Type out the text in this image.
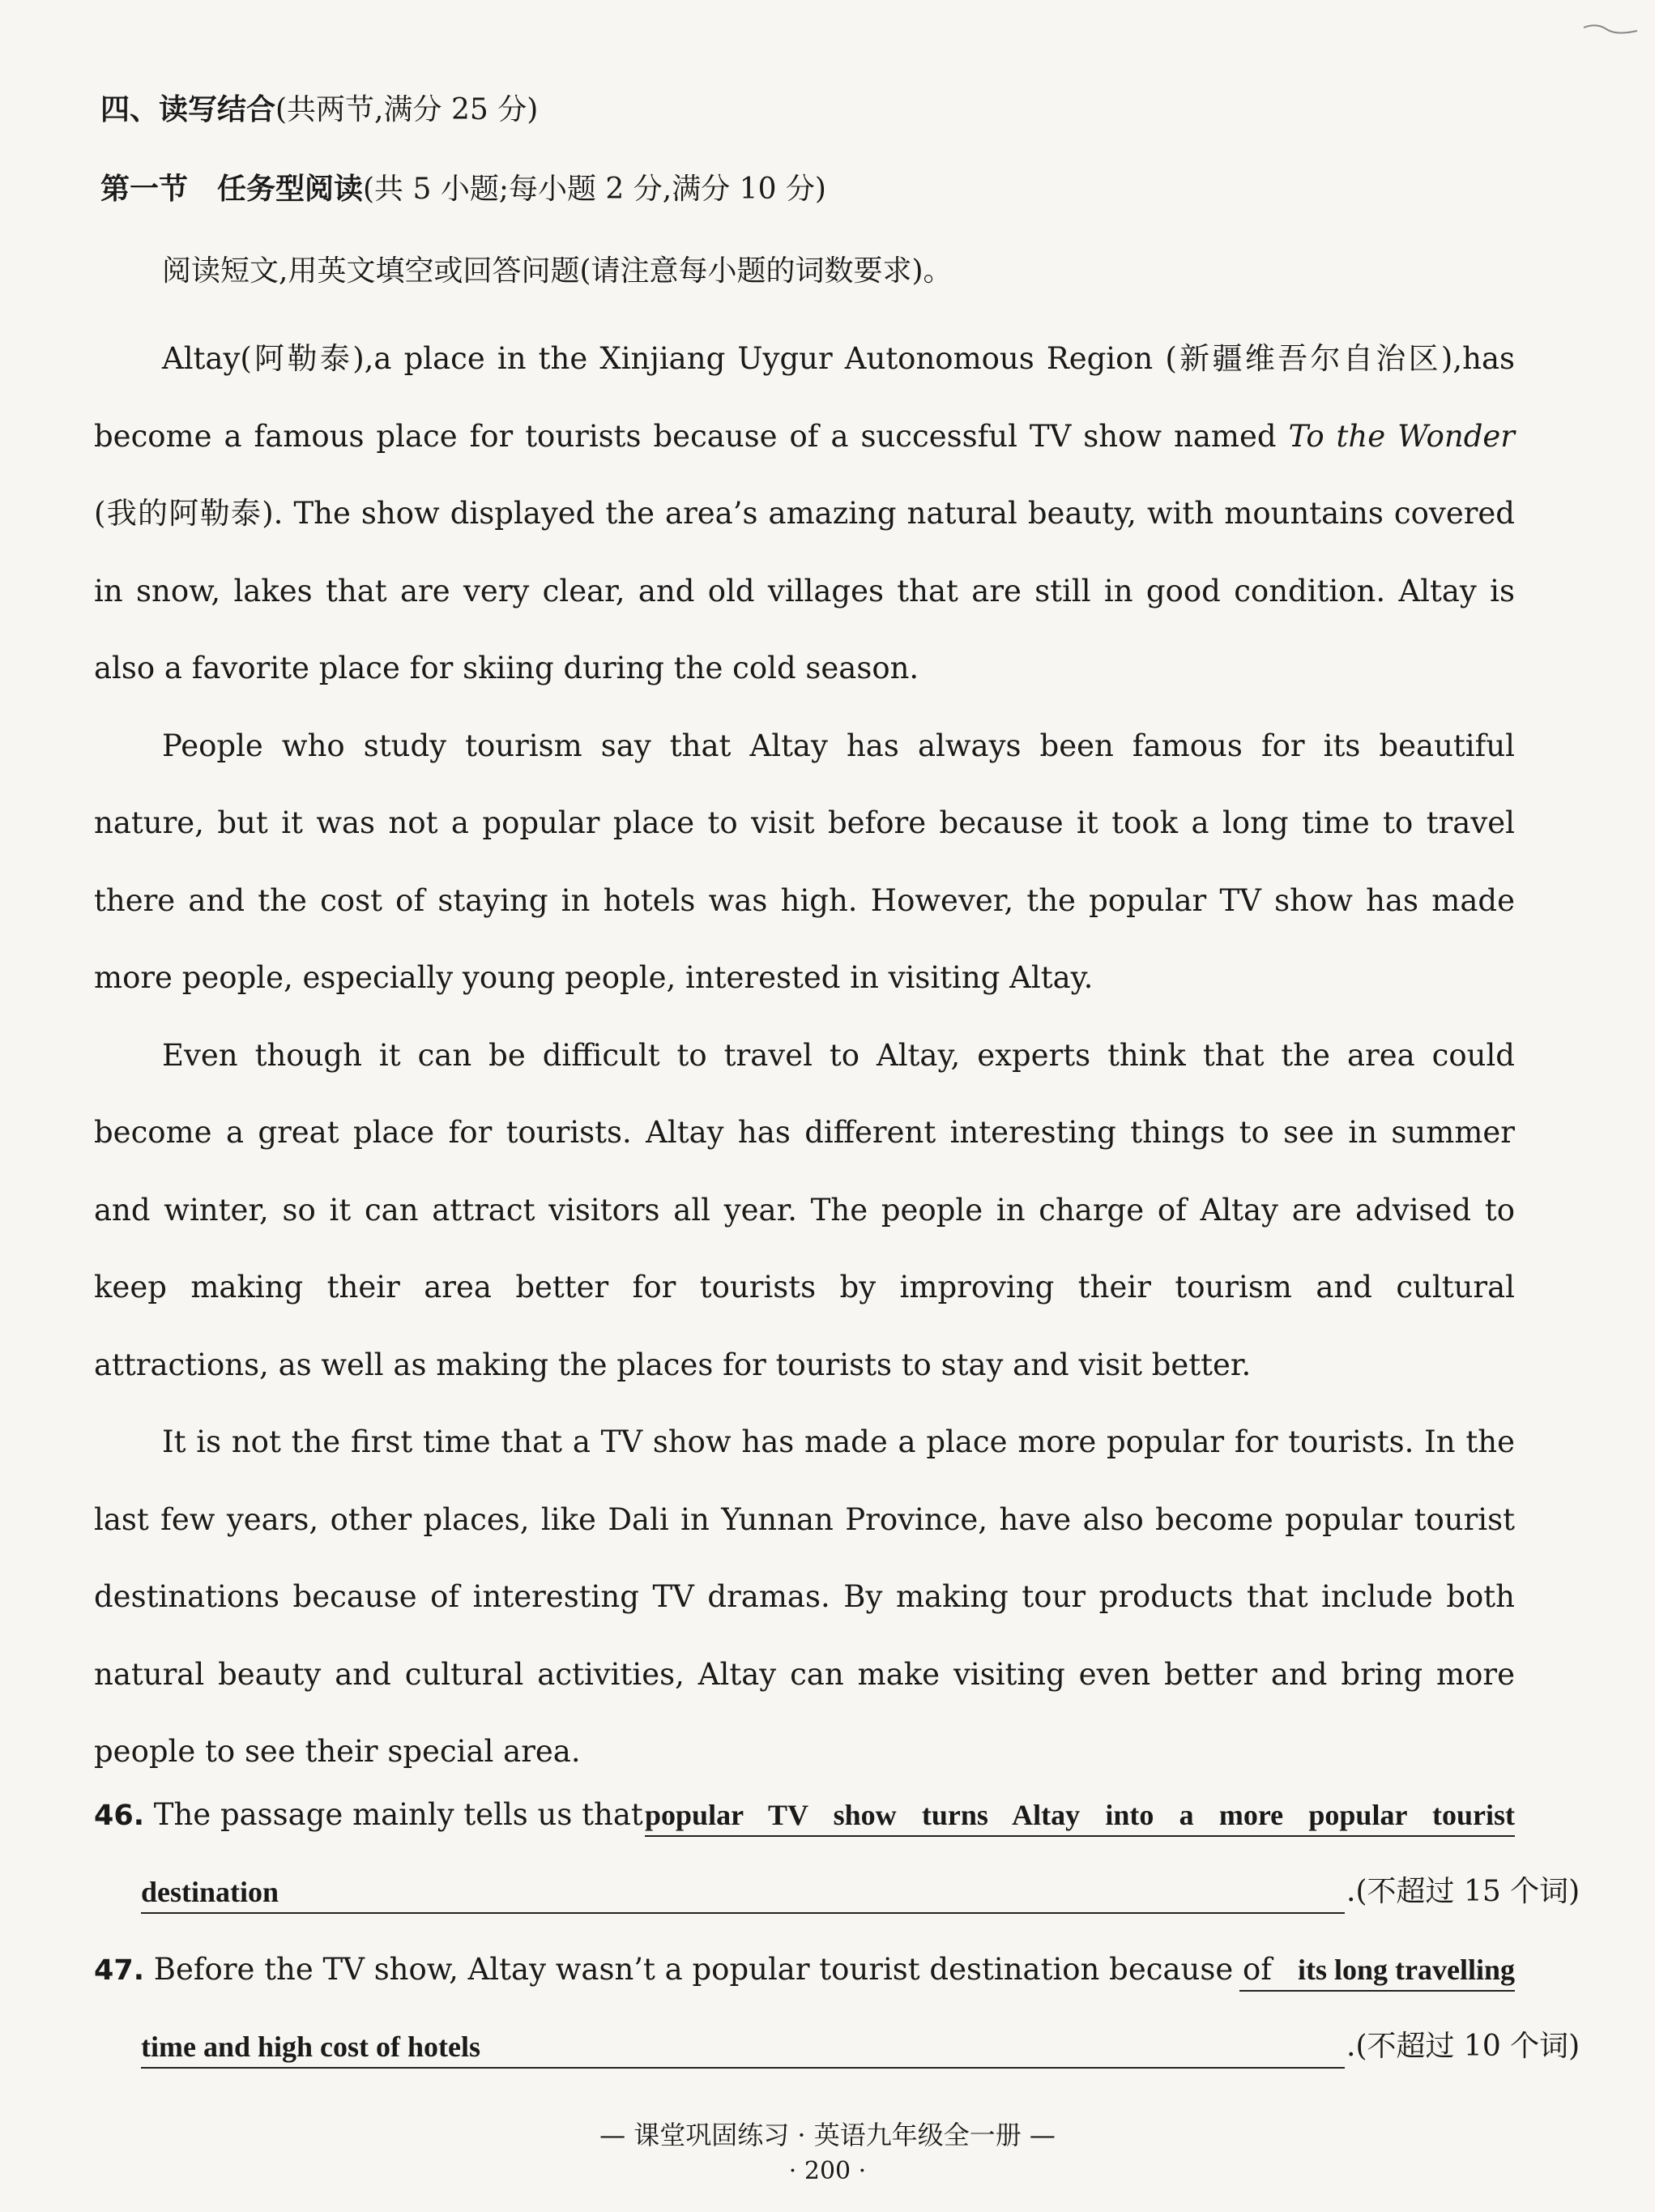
四、读写结合(共两节,满分 25 分)
第一节　任务型阅读(共 5 小题;每小题 2 分,满分 10 分)
阅读短文,用英文填空或回答问题(请注意每小题的词数要求)。

Altay(阿勒泰),a place in the Xinjiang Uygur Autonomous Region (新疆维吾尔自治区),has become a famous place for tourists because of a successful TV show named To the Wonder (我的阿勒泰). The show displayed the area’s amazing natural beauty, with mountains covered in snow, lakes that are very clear, and old villages that are still in good condition. Altay is also a favorite place for skiing during the cold season.

People who study tourism say that Altay has always been famous for its beautiful nature, but it was not a popular place to visit before because it took a long time to travel there and the cost of staying in hotels was high. However, the popular TV show has made more people, especially young people, interested in visiting Altay.

Even though it can be difficult to travel to Altay, experts think that the area could become a great place for tourists. Altay has different interesting things to see in summer and winter, so it can attract visitors all year. The people in charge of Altay are advised to keep making their area better for tourists by improving their tourism and cultural attractions, as well as making the places for tourists to stay and visit better.

It is not the first time that a TV show has made a place more popular for tourists. In the last few years, other places, like Dali in Yunnan Province, have also become popular tourist destinations because of interesting TV dramas. By making tour products that include both natural beauty and cultural activities, Altay can make visiting even better and bring more people to see their special area.

46. The passage mainly tells us that popular TV show turns Altay into a more popular tourist
destination	.(不超过 15 个词)
47. Before the TV show, Altay wasn’t a popular tourist destination because of its long travelling
time and high cost of hotels	.(不超过 10 个词)
— 课堂巩固练习 · 英语九年级全一册 —
· 200 ·
